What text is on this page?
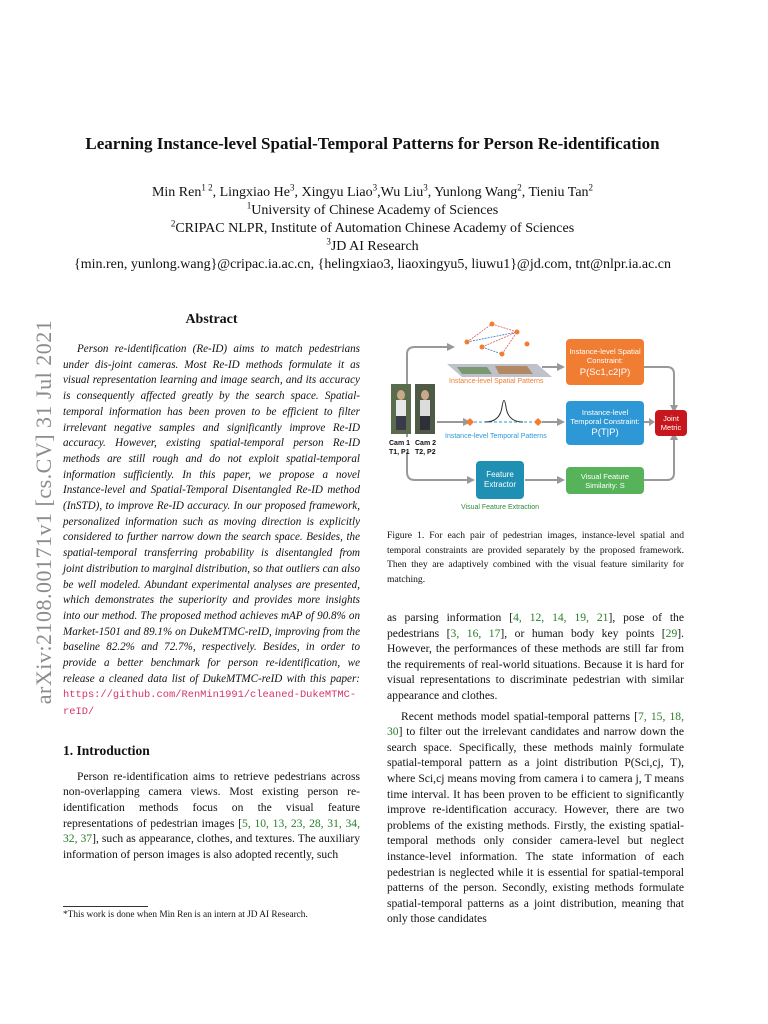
arXiv:2108.00171v1 [cs.CV] 31 Jul 2021
Learning Instance-level Spatial-Temporal Patterns for Person Re-identification
Min Ren$^{1 2}$, Lingxiao He$^3$, Xingyu Liao$^3$,Wu Liu$^3$, Yunlong Wang$^2$, Tieniu Tan$^2$
$^1$University of Chinese Academy of Sciences
$^2$CRIPAC NLPR, Institute of Automation Chinese Academy of Sciences
$^3$JD AI Research
{min.ren, yunlong.wang}@cripac.ia.ac.cn, {helingxiao3, liaoxingyu5, liuwu1}@jd.com, tnt@nlpr.ia.ac.cn
Abstract

Person re-identification (Re-ID) aims to match pedestrians under dis-joint cameras. Most Re-ID methods formulate it as visual representation learning and image search, and its accuracy is consequently affected greatly by the search space. Spatial-temporal information has been proven to be efficient to filter irrelevant negative samples and significantly improve Re-ID accuracy. However, existing spatial-temporal person Re-ID methods are still rough and do not exploit spatial-temporal information sufficiently. In this paper, we propose a novel Instance-level and Spatial-Temporal Disentangled Re-ID method (InSTD), to improve Re-ID accuracy. In our proposed framework, personalized information such as moving direction is explicitly considered to further narrow down the search space. Besides, the spatial-temporal transferring probability is disentangled from joint distribution to marginal distribution, so that outliers can also be well modeled. Abundant experimental analyses are presented, which demonstrates the superiority and provides more insights into our method. The proposed method achieves mAP of 90.8% on Market-1501 and 89.1% on DukeMTMC-reID, improving from the baseline 82.2% and 72.7%, respectively. Besides, in order to provide a better benchmark for person re-identification, we release a cleaned data list of DukeMTMC-reID with this paper: https://github.com/RenMin1991/cleaned-DukeMTMC-reID/

1. Introduction

Person re-identification aims to retrieve pedestrians across non-overlapping camera views. Most existing person re-identification methods focus on the visual feature representations of pedestrian images [5, 10, 13, 23, 28, 31, 34, 32, 37], such as appearance, clothes, and textures. The auxiliary information of person images is also adopted recently, such

*This work is done when Min Ren is an intern at JD AI Research.
Instance-level Spatial Patterns
Instance-level Temporal Patterns
Visual Feature Extraction
Cam 1
T1, P1
Cam 2
T2, P2
Instance-level Spatial Constraint:
P(Sc1,c2|P)
Instance-level Temporal Constraint:
P(T|P)
Joint Metric
Feature Extractor
Visual Feature Similarity: S
Figure 1. For each pair of pedestrian images, instance-level spatial and temporal constraints are provided separately by the proposed framework. Then they are adaptively combined with the visual feature similarity for matching.

as parsing information [4, 12, 14, 19, 21], pose of the pedestrians [3, 16, 17], or human body key points [29]. However, the performances of these methods are still far from the requirements of real-world situations. Because it is hard for visual representations to discriminate pedestrian with similar appearance and clothes.

Recent methods model spatial-temporal patterns [7, 15, 18, 30] to filter out the irrelevant candidates and narrow down the search space. Specifically, these methods mainly formulate spatial-temporal pattern as a joint distribution P(Sci,cj, T), where Sci,cj means moving from camera i to camera j, T means time interval. It has been proven to be efficient to significantly improve re-identification accuracy. However, there are two problems of the existing methods. Firstly, the existing spatial-temporal methods only consider camera-level but neglect instance-level information. The state information of each pedestrian is neglected while it is essential for spatial-temporal patterns of the person. Secondly, existing methods formulate spatial-temporal patterns as a joint distribution, meaning that only those candidates
